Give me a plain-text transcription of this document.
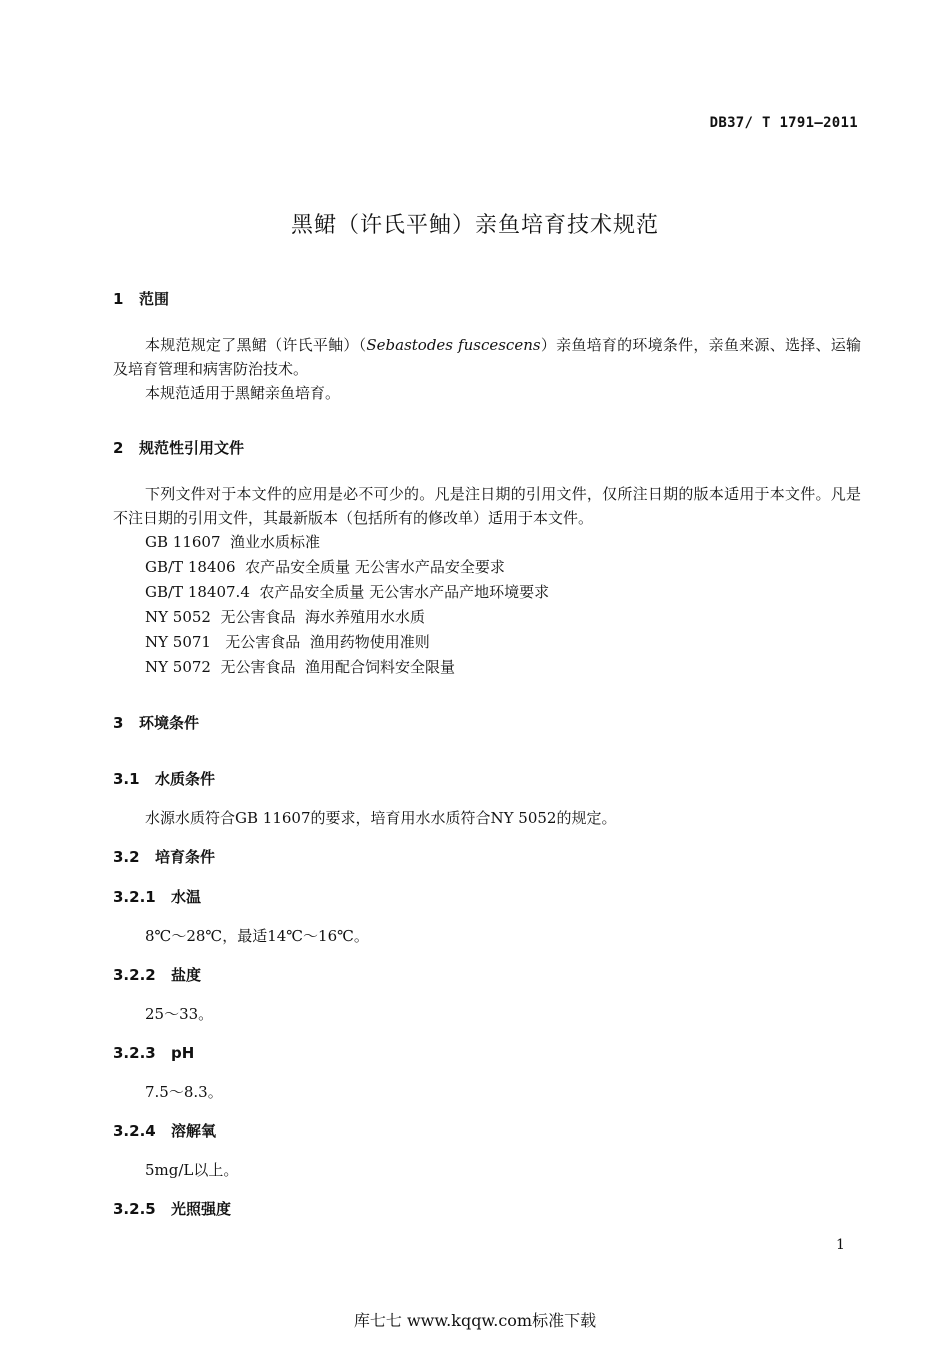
DB37/ T 1791—2011
黑鲪（许氏平鲉）亲鱼培育技术规范
1 范围

本规范规定了黑鲪（许氏平鲉）（Sebastodes fuscescens）亲鱼培育的环境条件，亲鱼来源、选择、运输及培育管理和病害防治技术。

本规范适用于黑鲪亲鱼培育。

2 规范性引用文件

下列文件对于本文件的应用是必不可少的。凡是注日期的引用文件，仅所注日期的版本适用于本文件。凡是不注日期的引用文件，其最新版本（包括所有的修改单）适用于本文件。

GB 11607  渔业水质标准
GB/T 18406  农产品安全质量 无公害水产品安全要求
GB/T 18407.4  农产品安全质量 无公害水产品产地环境要求
NY 5052  无公害食品  海水养殖用水水质
NY 5071   无公害食品  渔用药物使用准则
NY 5072  无公害食品  渔用配合饲料安全限量
3 环境条件
3.1 水质条件
水源水质符合GB 11607的要求，培育用水水质符合NY 5052的规定。
3.2 培育条件
3.2.1 水温
8℃～28℃，最适14℃～16℃。
3.2.2 盐度
25～33。
3.2.3 pH
7.5～8.3。
3.2.4 溶解氧
5mg/L以上。
3.2.5 光照强度
1
库七七 www.kqqw.com标准下载
